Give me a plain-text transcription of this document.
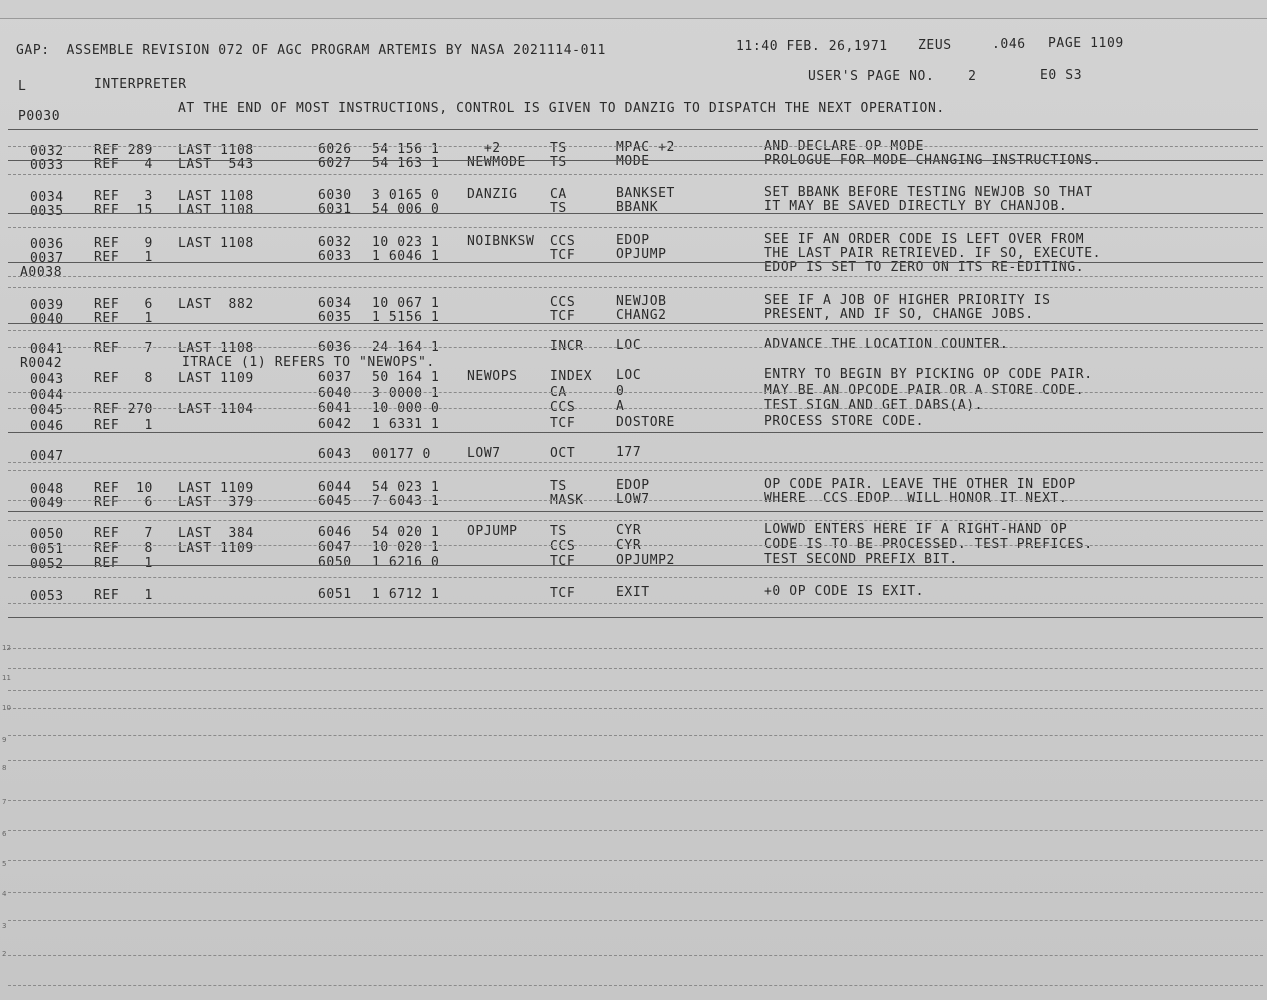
GAP:  ASSEMBLE REVISION 072 OF AGC PROGRAM ARTEMIS BY NASA 2021114-011	11:40 FEB. 26,1971 ZEUS	.046 PAGE 1109
L	INTERPRETER
USER'S PAGE NO.    2	E0 S3
P0030
AT THE END OF MOST INSTRUCTIONS, CONTROL IS GIVEN TO DANZIG TO DISPATCH THE NEXT OPERATION.
0032 REF 289 LAST 1108	6026 54 156 1 +2	TS	MPAC +2	AND DECLARE OP MODE
0033 REF   4 LAST  543	6027 54 163 1 NEWMODE TS	MODE	PROLOGUE FOR MODE-CHANGING INSTRUCTIONS.
0034 REF   3 LAST 1108	6030 3 0165 0 DANZIG CA	BANKSET	SET BBANK BEFORE TESTING NEWJOB SO THAT
0035 REF  15 LAST 1108	6031 54 006 0	TS	BBANK	IT MAY BE SAVED DIRECTLY BY CHANJOB.
0036 REF   9 LAST 1108	6032 10 023 1 NOIBNKSW CCS	EDOP	SEE IF AN ORDER CODE IS LEFT OVER FROM
0037 REF   1	6033 1 6046 1	TCF	OPJUMP	THE LAST PAIR RETRIEVED. IF SO, EXECUTE.
A0038	EDOP IS SET TO ZERO ON ITS RE-EDITING.
0039 REF   6 LAST  882	6034 10 067 1	CCS	NEWJOB	SEE IF A JOB OF HIGHER PRIORITY IS
0040 REF   1	6035 1 5156 1	TCF	CHANG2	PRESENT, AND IF SO, CHANGE JOBS.
0041 REF   7 LAST 1108	6036 24 164 1	INCR LOC	ADVANCE THE LOCATION COUNTER.
R0042	ITRACE (1) REFERS TO "NEWOPS".
0043 REF   8 LAST 1109	6037 50 164 1 NEWOPS INDEX LOC	ENTRY TO BEGIN BY PICKING OP CODE PAIR.
0044	6040 3 0000 1	CA	0	MAY BE AN OPCODE PAIR OR A STORE CODE.
0045 REF 270 LAST 1104	6041 10 000 0	CCS	A	TEST SIGN AND GET DABS(A).
0046 REF   1	6042 1 6331 1	TCF	DOSTORE	PROCESS STORE CODE.
0047	6043 00177 0	LOW7	OCT	177
0048 REF  10 LAST 1109	6044 54 023 1	TS	EDOP	OP CODE PAIR. LEAVE THE OTHER IN EDOP
0049 REF   6 LAST  379	6045 7 6043 1	MASK LOW7	WHERE  CCS EDOP  WILL HONOR IT NEXT.
0050 REF   7 LAST  384	6046 54 020 1 OPJUMP TS	CYR	LOWWD ENTERS HERE IF A RIGHT-HAND OP
0051 REF   8 LAST 1109	6047 10 020 1	CCS	CYR	CODE IS TO BE PROCESSED. TEST PREFICES.
0052 REF   1	6050 1 6216 0	TCF	OPJUMP2	TEST SECOND PREFIX BIT.
0053 REF   1	6051 1 6712 1	TCF	EXIT	+0 OP CODE IS EXIT.
12
11
10
9
8
7
6
5
4
3
2
